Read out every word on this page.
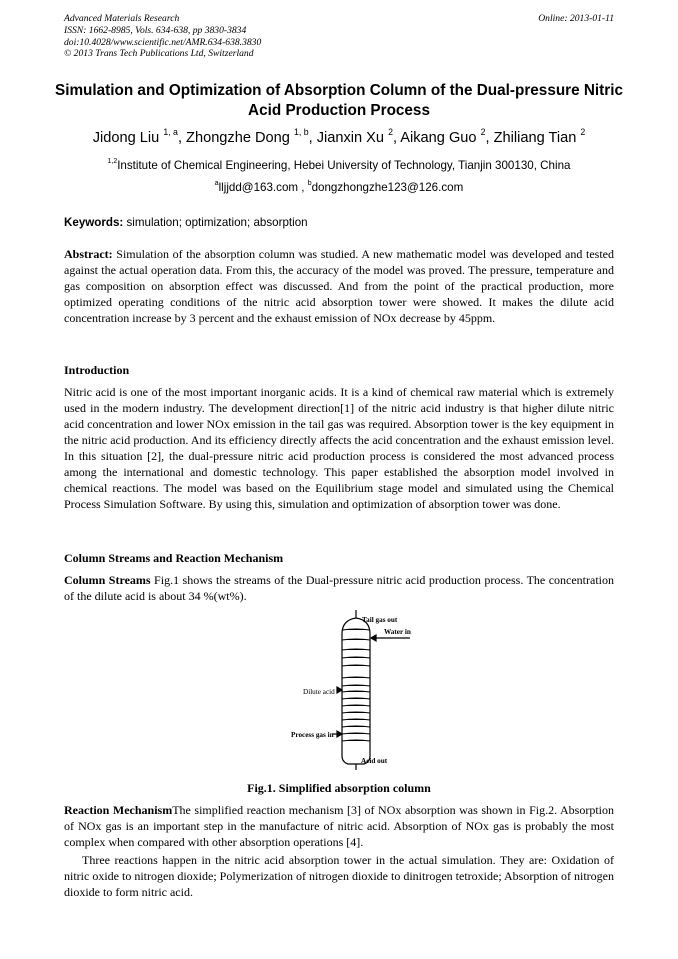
Advanced Materials Research
ISSN: 1662-8985, Vols. 634-638, pp 3830-3834
doi:10.4028/www.scientific.net/AMR.634-638.3830
© 2013 Trans Tech Publications Ltd, Switzerland
Online: 2013-01-11
Simulation and Optimization of Absorption Column of the Dual-pressure Nitric Acid Production Process
Jidong Liu $^{1, a}$, Zhongzhe Dong $^{1, b}$, Jianxin Xu $^2$, Aikang Guo $^2$, Zhiliang Tian $^2$
$^{1,2}$Institute of Chemical Engineering, Hebei University of Technology, Tianjin 300130, China
$^a$lljjdd@163.com , $^b$dongzhongzhe123@126.com
Keywords: simulation; optimization; absorption
Abstract: Simulation of the absorption column was studied. A new mathematic model was developed and tested against the actual operation data. From this, the accuracy of the model was proved. The pressure, temperature and gas composition on absorption effect was discussed. And from the point of the practical production, more optimized operating conditions of the nitric acid absorption tower were showed. It makes the dilute acid concentration increase by 3 percent and the exhaust emission of NOx decrease by 45ppm.
Introduction
Nitric acid is one of the most important inorganic acids. It is a kind of chemical raw material which is extremely used in the modern industry. The development direction[1] of the nitric acid industry is that higher dilute nitric acid concentration and lower NOx emission in the tail gas was required. Absorption tower is the key equipment in the nitric acid production. And its efficiency directly affects the acid concentration and the exhaust emission level. In this situation [2], the dual-pressure nitric acid production process is considered the most advanced process among the international and domestic technology. This paper established the absorption model involved in chemical reactions. The model was based on the Equilibrium stage model and simulated using the Chemical Process Simulation Software. By using this, simulation and optimization of absorption tower was done.
Column Streams and Reaction Mechanism
Column Streams Fig.1 shows the streams of the Dual-pressure nitric acid production process. The concentration of the dilute acid is about 34 %(wt%).
Tail gas out
Water in
Dilute acid
Process gas in
Acid out
Fig.1. Simplified absorption column
Reaction MechanismThe simplified reaction mechanism [3] of NOx absorption was shown in Fig.2. Absorption of NOx gas is an important step in the manufacture of nitric acid. Absorption of NOx gas is probably the most complex when compared with other absorption operations [4].
Three reactions happen in the nitric acid absorption tower in the actual simulation. They are: Oxidation of nitric oxide to nitrogen dioxide; Polymerization of nitrogen dioxide to dinitrogen tetroxide; Absorption of nitrogen dioxide to form nitric acid.
